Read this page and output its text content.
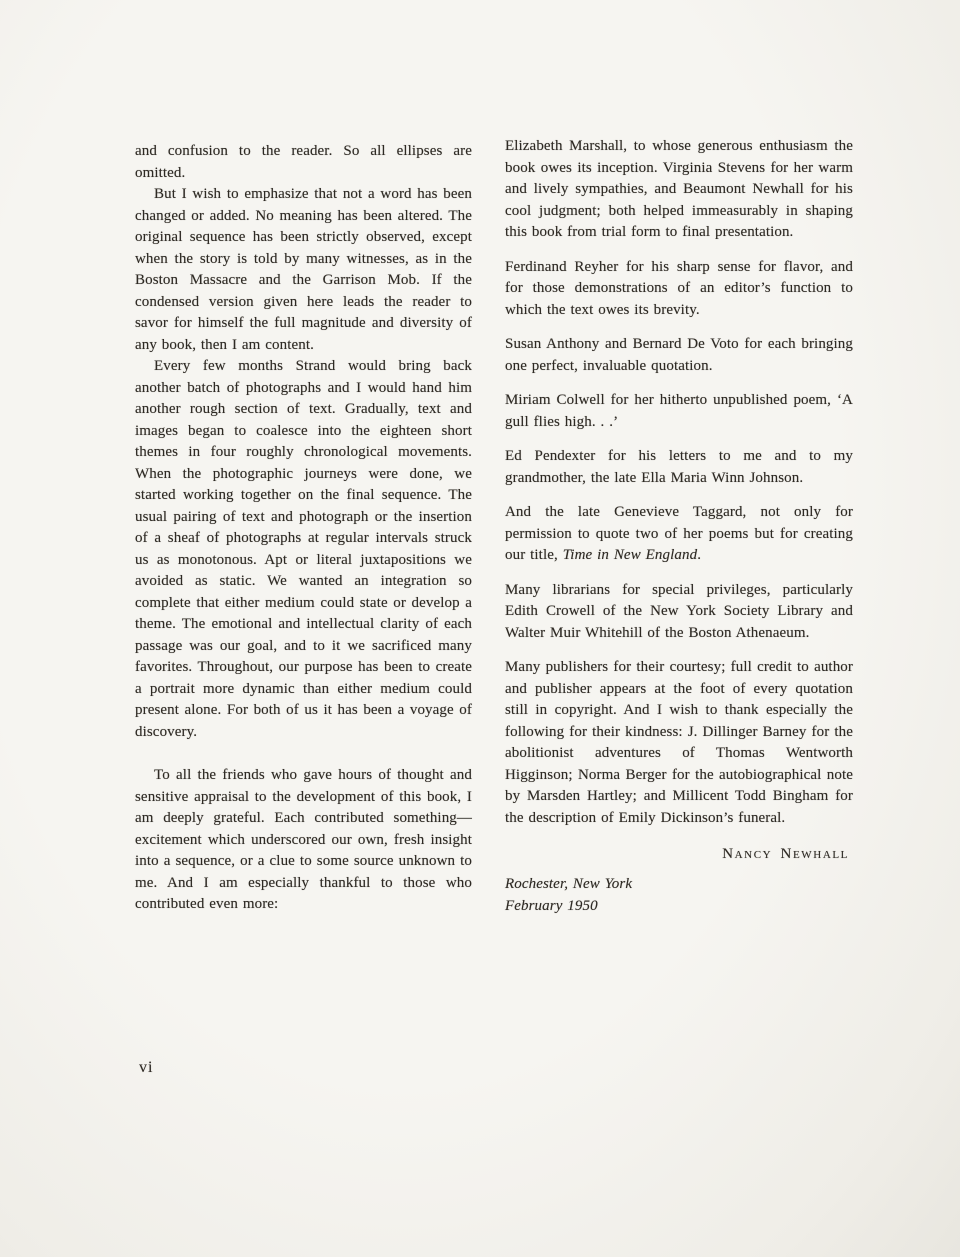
and confusion to the reader. So all ellipses are omitted.

But I wish to emphasize that not a word has been changed or added. No meaning has been altered. The original sequence has been strictly observed, except when the story is told by many witnesses, as in the Boston Massacre and the Garrison Mob. If the condensed version given here leads the reader to savor for himself the full magnitude and diversity of any book, then I am content.

Every few months Strand would bring back another batch of photographs and I would hand him another rough section of text. Gradually, text and images began to coalesce into the eighteen short themes in four roughly chronological movements. When the photographic journeys were done, we started working together on the final sequence. The usual pairing of text and photograph or the insertion of a sheaf of photographs at regular intervals struck us as monotonous. Apt or literal juxtapositions we avoided as static. We wanted an integration so complete that either medium could state or develop a theme. The emotional and intellectual clarity of each passage was our goal, and to it we sacrificed many favorites. Throughout, our purpose has been to create a portrait more dynamic than either medium could present alone. For both of us it has been a voyage of discovery.

To all the friends who gave hours of thought and sensitive appraisal to the development of this book, I am deeply grateful. Each contributed something—excitement which underscored our own, fresh insight into a sequence, or a clue to some source unknown to me. And I am especially thankful to those who contributed even more:

Elizabeth Marshall, to whose generous enthusiasm the book owes its inception. Virginia Stevens for her warm and lively sympathies, and Beaumont Newhall for his cool judgment; both helped immeasurably in shaping this book from trial form to final presentation.

Ferdinand Reyher for his sharp sense for flavor, and for those demonstrations of an editor’s function to which the text owes its brevity.

Susan Anthony and Bernard De Voto for each bringing one perfect, invaluable quotation.

Miriam Colwell for her hitherto unpublished poem, ‘A gull flies high. . .’

Ed Pendexter for his letters to me and to my grandmother, the late Ella Maria Winn Johnson.

And the late Genevieve Taggard, not only for permission to quote two of her poems but for creating our title, Time in New England.

Many librarians for special privileges, particularly Edith Crowell of the New York Society Library and Walter Muir Whitehill of the Boston Athenaeum.

Many publishers for their courtesy; full credit to author and publisher appears at the foot of every quotation still in copyright. And I wish to thank especially the following for their kindness: J. Dillinger Barney for the abolitionist adventures of Thomas Wentworth Higginson; Norma Berger for the autobiographical note by Marsden Hartley; and Millicent Todd Bingham for the description of Emily Dickinson’s funeral.

Nancy Newhall
Rochester, New York
February 1950
vi
